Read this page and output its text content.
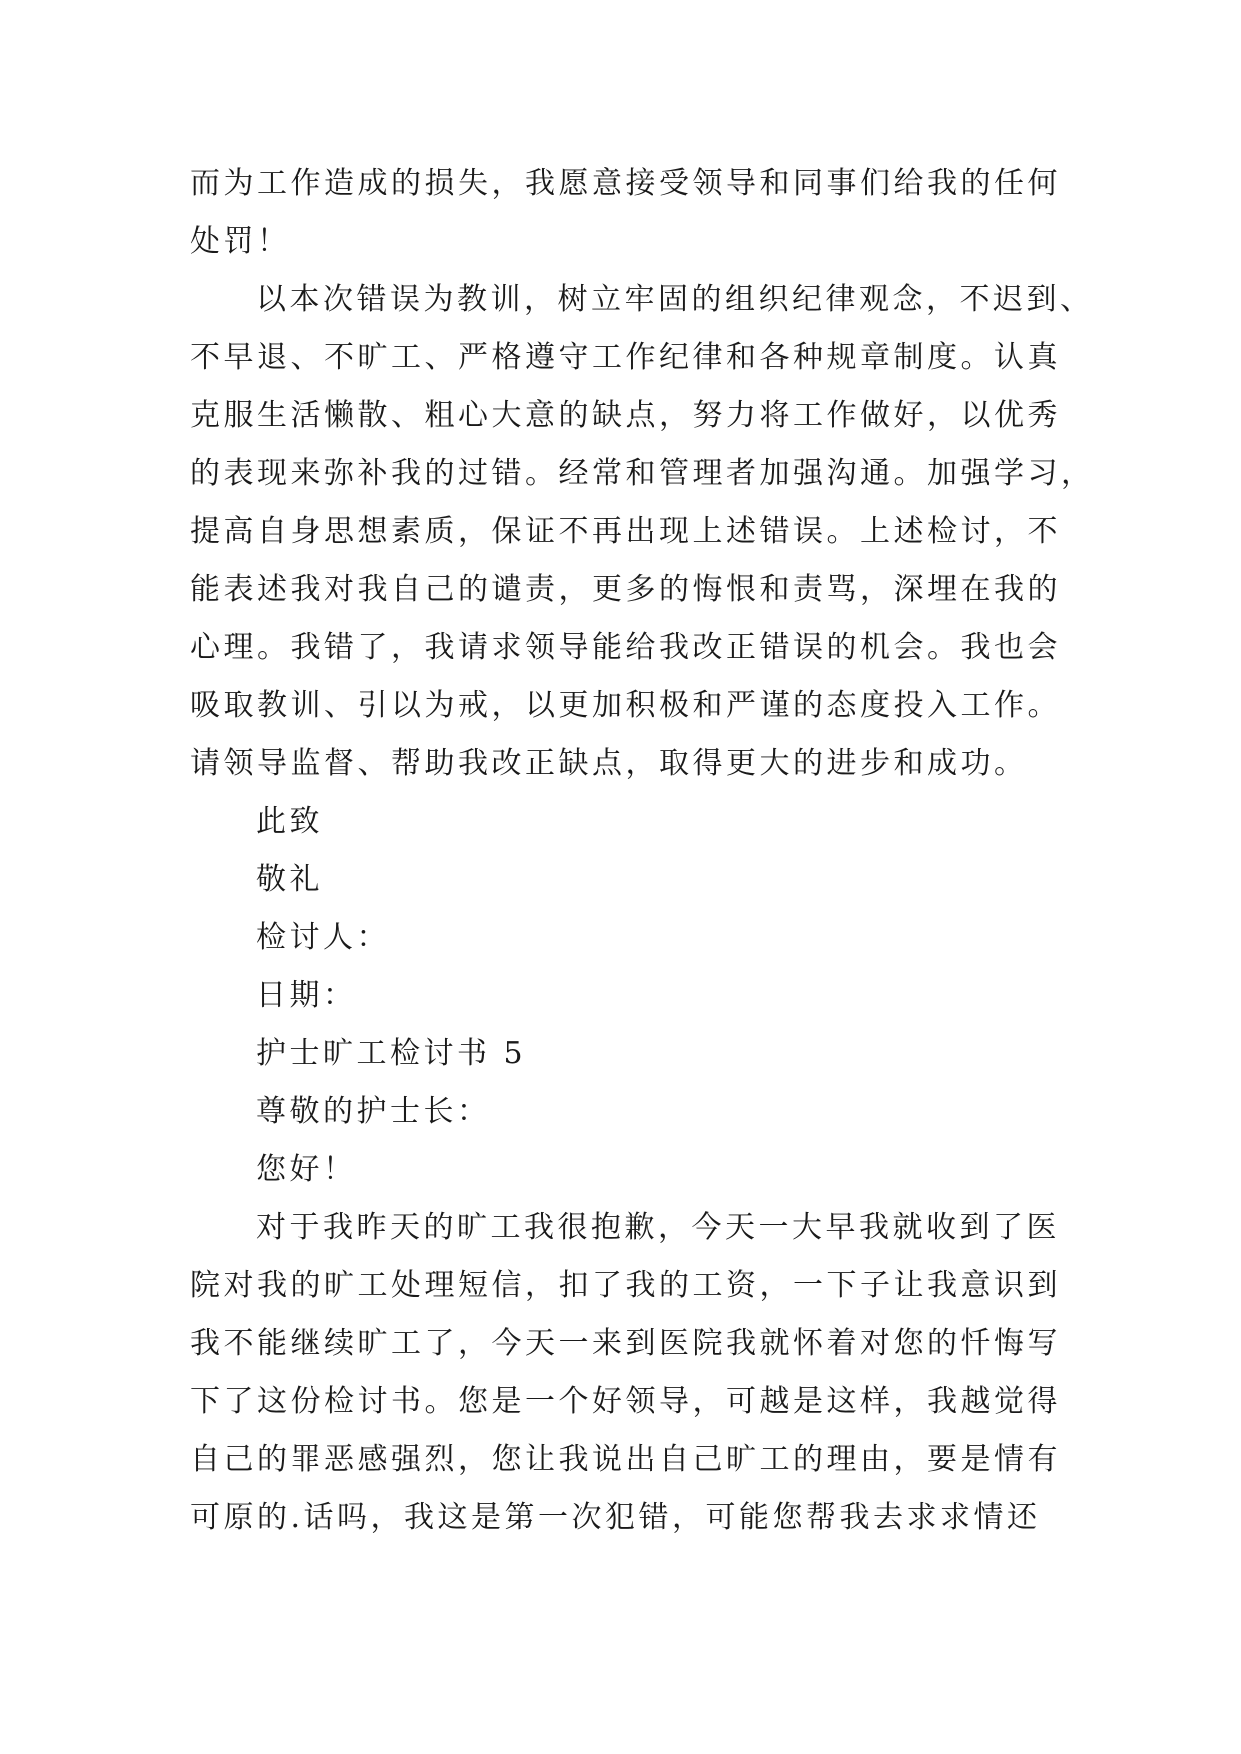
而为工作造成的损失，我愿意接受领导和同事们给我的任何
处罚！
以本次错误为教训，树立牢固的组织纪律观念，不迟到、
不早退、不旷工、严格遵守工作纪律和各种规章制度。认真
克服生活懒散、粗心大意的缺点，努力将工作做好，以优秀
的表现来弥补我的过错。经常和管理者加强沟通。加强学习，
提高自身思想素质，保证不再出现上述错误。上述检讨，不
能表述我对我自己的谴责，更多的悔恨和责骂，深埋在我的
心理。我错了，我请求领导能给我改正错误的机会。我也会
吸取教训、引以为戒，以更加积极和严谨的态度投入工作。
请领导监督、帮助我改正缺点，取得更大的进步和成功。
此致
敬礼
检讨人：
日期：
护士旷工检讨书 5
尊敬的护士长：
您好！
对于我昨天的旷工我很抱歉，今天一大早我就收到了医
院对我的旷工处理短信，扣了我的工资，一下子让我意识到
我不能继续旷工了，今天一来到医院我就怀着对您的忏悔写
下了这份检讨书。您是一个好领导，可越是这样，我越觉得
自己的罪恶感强烈，您让我说出自己旷工的理由，要是情有
可原的.话吗，我这是第一次犯错，可能您帮我去求求情还
